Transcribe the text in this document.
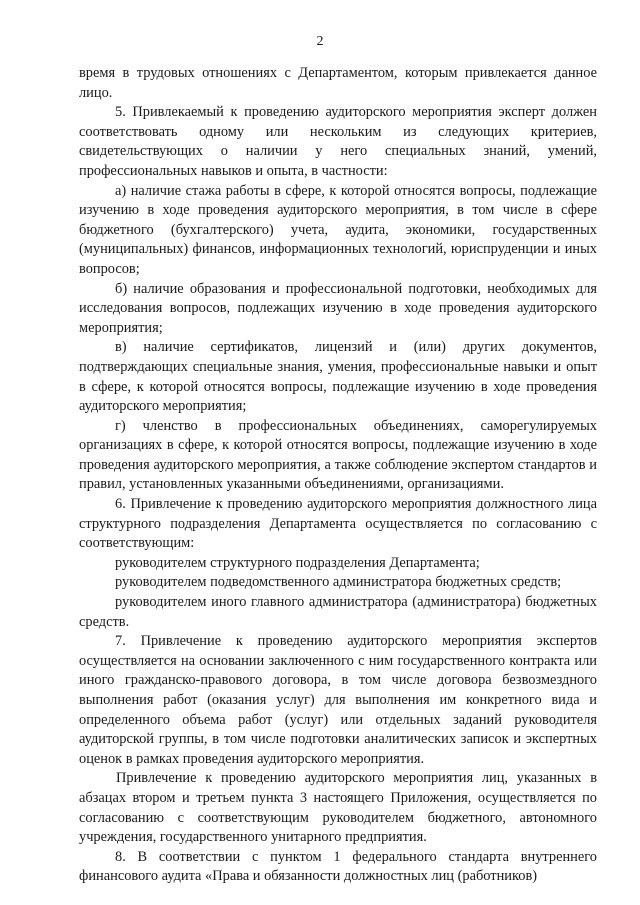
2

время в трудовых отношениях с Департаментом, которым привлекается данное лицо.

5. Привлекаемый к проведению аудиторского мероприятия эксперт должен соответствовать одному или нескольким из следующих критериев, свидетельствующих о наличии у него специальных знаний, умений, профессиональных навыков и опыта, в частности:

а) наличие стажа работы в сфере, к которой относятся вопросы, подлежащие изучению в ходе проведения аудиторского мероприятия, в том числе в сфере бюджетного (бухгалтерского) учета, аудита, экономики, государственных (муниципальных) финансов, информационных технологий, юриспруденции и иных вопросов;

б) наличие образования и профессиональной подготовки, необходимых для исследования вопросов, подлежащих изучению в ходе проведения аудиторского мероприятия;

в) наличие сертификатов, лицензий и (или) других документов, подтверждающих специальные знания, умения, профессиональные навыки и опыт в сфере, к которой относятся вопросы, подлежащие изучению в ходе проведения аудиторского мероприятия;

г) членство в профессиональных объединениях, саморегулируемых организациях в сфере, к которой относятся вопросы, подлежащие изучению в ходе проведения аудиторского мероприятия, а также соблюдение экспертом стандартов и правил, установленных указанными объединениями, организациями.

6. Привлечение к проведению аудиторского мероприятия должностного лица структурного подразделения Департамента осуществляется по согласованию с соответствующим:

руководителем структурного подразделения Департамента;

руководителем подведомственного администратора бюджетных средств;

руководителем иного главного администратора (администратора) бюджетных средств.

7. Привлечение к проведению аудиторского мероприятия экспертов осуществляется на основании заключенного с ним государственного контракта или иного гражданско-правового договора, в том числе договора безвозмездного выполнения работ (оказания услуг) для выполнения им конкретного вида и определенного объема работ (услуг) или отдельных заданий руководителя аудиторской группы, в том числе подготовки аналитических записок и экспертных оценок в рамках проведения аудиторского мероприятия.

Привлечение к проведению аудиторского мероприятия лиц, указанных в абзацах втором и третьем пункта 3 настоящего Приложения, осуществляется по согласованию с соответствующим руководителем бюджетного, автономного учреждения, государственного унитарного предприятия.

8. В соответствии с пунктом 1 федерального стандарта внутреннего финансового аудита «Права и обязанности должностных лиц (работников)
